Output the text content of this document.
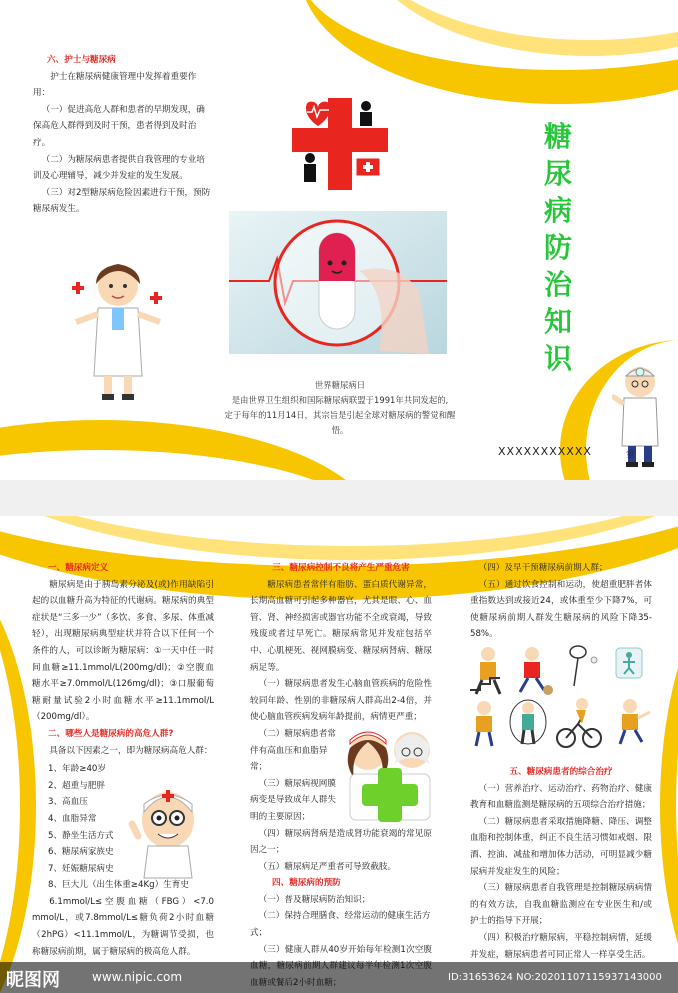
六、护士与糖尿病

护士在糖尿病健康管理中发挥着重要作用：

（一）促进高危人群和患者的早期发现，确保高危人群得到及时干预，患者得到及时治疗。

（二）为糖尿病患者提供自我管理的专业培训及心理辅导，减少并发症的发生发展。

（三）对2型糖尿病危险因素进行干预，预防糖尿病发生。

世界糖尿病日
是由世界卫生组织和国际糖尿病联盟于1991年共同发起的,
定于每年的11月14日，其宗旨是引起全球对糖尿病的警觉和醒悟。
糖
尿
病
防
治
知
识
XXXXXXXXXXX	室

一、糖尿病定义

糖尿病是由于胰岛素分泌及(或)作用缺陷引起的以血糖升高为特征的代谢病。糖尿病的典型症状是“三多一少”（多饮、多食、多尿、体重减轻），出现糖尿病典型症状并符合以下任何一个条件的人，可以诊断为糖尿病：①一天中任一时间血糖≥11.1mmol/L(200mg/dl)；②空腹血糖水平≥7.0mmol/L(126mg/dl)；③口服葡萄糖耐量试验2小时血糖水平≥11.1mmol/L（200mg/dl）。

二、哪些人是糖尿病的高危人群?

具备以下因素之一，即为糖尿病高危人群：

1、年龄≥40岁

2、超重与肥胖

3、高血压

4、血脂异常

5、静坐生活方式

6、糖尿病家族史

7、妊娠糖尿病史

8、巨大儿（出生体重≥4Kg）生育史

6.1mmol/L≤空腹血糖（FBG）<7.0 mmol/L，或7.8mmol/L≤糖负荷2小时血糖（2hPG）<11.1mmol/L，为糖调节受损，也称糖尿病前期，属于糖尿病的极高危人群。

三、糖尿病控制不良将产生严重危害

糖尿病患者常伴有脂肪、蛋白质代谢异常，长期高血糖可引起多种器官，尤其是眼、心、血管、肾、神经损害或器官功能不全或衰竭，导致残废或者过早死亡。糖尿病常见并发症包括卒中、心肌梗死、视网膜病变、糖尿病肾病、糖尿病足等。

（一）糖尿病患者发生心脑血管疾病的危险性较同年龄、性别的非糖尿病人群高出2-4倍，并使心脑血管疾病发病年龄提前，病情更严重；

（二）糖尿病患者常伴有高血压和血脂异常；

（三）糖尿病视网膜病变是导致成年人群失明的主要原因；

（四）糖尿病肾病是造成肾功能衰竭的常见原因之一；

（五）糖尿病足严重者可导致截肢。

四、糖尿病的预防

（一）普及糖尿病防治知识；

（二）保持合理膳食、经常运动的健康生活方式；

（三）健康人群从40岁开始每年检测1次空腹

（四）及早干预糖尿病前期人群；

（五）通过饮食控制和运动，使超重肥胖者体重指数达到或接近24，或体重至少下降7%，可使糖尿病前期人群发生糖尿病的风险下降35-58%。

五、糖尿病患者的综合治疗

（一）营养治疗、运动治疗、药物治疗、健康教育和血糖监测是糖尿病的五项综合治疗措施；

（二）糖尿病患者采取措施降糖、降压、调整血脂和控制体重，纠正不良生活习惯如戒烟、限酒、控油、减盐和增加体力活动，可明显减少糖尿病并发症发生的风险；

（三）糖尿病患者自我管理是控制糖尿病病情的有效方法，自我血糖监测应在专业医生和/或护士的指导下开展；

（四）积极治疗糖尿病，平稳控制病情，延缓并发症，糖尿病患者可同正常人一样享受生活。

昵图网	www.nipic.com	ID:31653624 NO:20201107115937143000
